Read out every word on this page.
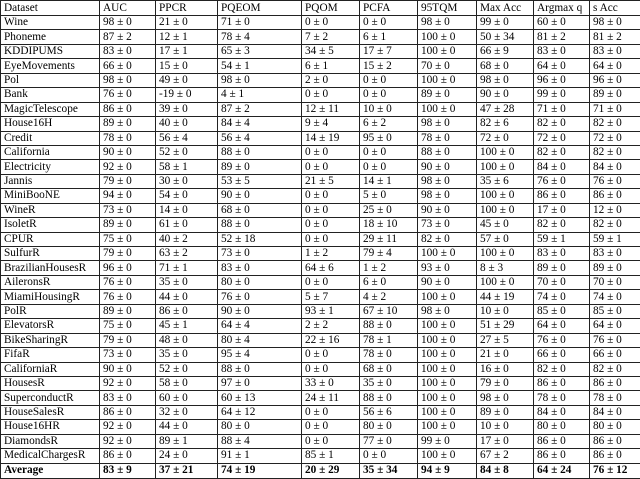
Dataset	AUC	PPCR	PQEOM	PQOM	PCFA	95TQM	Max Acc	Argmax q	s Acc
Wine	98 ± 0	21 ± 0	71 ± 0	0 ± 0	0 ± 0	98 ± 0	99 ± 0	60 ± 0	98 ± 0
Phoneme	87 ± 2	12 ± 1	78 ± 4	7 ± 2	6 ± 1	100 ± 0	50 ± 34	81 ± 2	81 ± 2
KDDIPUMS	83 ± 0	17 ± 1	65 ± 3	34 ± 5	17 ± 7	100 ± 0	66 ± 9	83 ± 0	83 ± 0
EyeMovements	66 ± 0	15 ± 0	54 ± 1	6 ± 1	15 ± 2	70 ± 0	68 ± 0	64 ± 0	64 ± 0
Pol	98 ± 0	49 ± 0	98 ± 0	2 ± 0	0 ± 0	100 ± 0	98 ± 0	96 ± 0	96 ± 0
Bank	76 ± 0	-19 ± 0	4 ± 1	0 ± 0	0 ± 0	89 ± 0	90 ± 0	99 ± 0	89 ± 0
MagicTelescope	86 ± 0	39 ± 0	87 ± 2	12 ± 11	10 ± 0	100 ± 0	47 ± 28	71 ± 0	71 ± 0
House16H	89 ± 0	40 ± 0	84 ± 4	9 ± 4	6 ± 2	98 ± 0	82 ± 6	82 ± 0	82 ± 0
Credit	78 ± 0	56 ± 4	56 ± 4	14 ± 19	95 ± 0	78 ± 0	72 ± 0	72 ± 0	72 ± 0
California	90 ± 0	52 ± 0	88 ± 0	0 ± 0	0 ± 0	88 ± 0	100 ± 0	82 ± 0	82 ± 0
Electricity	92 ± 0	58 ± 1	89 ± 0	0 ± 0	0 ± 0	90 ± 0	100 ± 0	84 ± 0	84 ± 0
Jannis	79 ± 0	30 ± 0	53 ± 5	21 ± 5	14 ± 1	98 ± 0	35 ± 6	76 ± 0	76 ± 0
MiniBooNE	94 ± 0	54 ± 0	90 ± 0	0 ± 0	5 ± 0	98 ± 0	100 ± 0	86 ± 0	86 ± 0
WineR	73 ± 0	14 ± 0	68 ± 0	0 ± 0	25 ± 0	90 ± 0	100 ± 0	17 ± 0	12 ± 0
IsoletR	89 ± 0	61 ± 0	88 ± 0	0 ± 0	18 ± 10	73 ± 0	45 ± 0	82 ± 0	82 ± 0
CPUR	75 ± 0	40 ± 2	52 ± 18	0 ± 0	29 ± 11	82 ± 0	57 ± 0	59 ± 1	59 ± 1
SulfurR	79 ± 0	63 ± 2	73 ± 0	1 ± 2	79 ± 4	100 ± 0	100 ± 0	83 ± 0	83 ± 0
BrazilianHousesR	96 ± 0	71 ± 1	83 ± 0	64 ± 6	1 ± 2	93 ± 0	8 ± 3	89 ± 0	89 ± 0
AileronsR	76 ± 0	35 ± 0	80 ± 0	0 ± 0	6 ± 0	90 ± 0	100 ± 0	70 ± 0	70 ± 0
MiamiHousingR	76 ± 0	44 ± 0	76 ± 0	5 ± 7	4 ± 2	100 ± 0	44 ± 19	74 ± 0	74 ± 0
PolR	89 ± 0	86 ± 0	90 ± 0	93 ± 1	67 ± 10	98 ± 0	10 ± 0	85 ± 0	85 ± 0
ElevatorsR	75 ± 0	45 ± 1	64 ± 4	2 ± 2	88 ± 0	100 ± 0	51 ± 29	64 ± 0	64 ± 0
BikeSharingR	79 ± 0	48 ± 0	80 ± 4	22 ± 16	78 ± 1	100 ± 0	27 ± 5	76 ± 0	76 ± 0
FifaR	73 ± 0	35 ± 0	95 ± 4	0 ± 0	78 ± 0	100 ± 0	21 ± 0	66 ± 0	66 ± 0
CaliforniaR	90 ± 0	52 ± 0	88 ± 0	0 ± 0	68 ± 0	100 ± 0	16 ± 0	82 ± 0	82 ± 0
HousesR	92 ± 0	58 ± 0	97 ± 0	33 ± 0	35 ± 0	100 ± 0	79 ± 0	86 ± 0	86 ± 0
SuperconductR	83 ± 0	60 ± 0	60 ± 13	24 ± 11	88 ± 0	100 ± 0	98 ± 0	78 ± 0	78 ± 0
HouseSalesR	86 ± 0	32 ± 0	64 ± 12	0 ± 0	56 ± 6	100 ± 0	89 ± 0	84 ± 0	84 ± 0
House16HR	92 ± 0	44 ± 0	80 ± 0	0 ± 0	80 ± 0	100 ± 0	10 ± 0	80 ± 0	80 ± 0
DiamondsR	92 ± 0	89 ± 1	88 ± 4	0 ± 0	77 ± 0	99 ± 0	17 ± 0	86 ± 0	86 ± 0
MedicalChargesR	86 ± 0	24 ± 0	91 ± 1	85 ± 1	0 ± 0	100 ± 0	67 ± 2	86 ± 0	86 ± 0
Average	83 ± 9	37 ± 21	74 ± 19	20 ± 29	35 ± 34	94 ± 9	84 ± 8	64 ± 24	76 ± 12
